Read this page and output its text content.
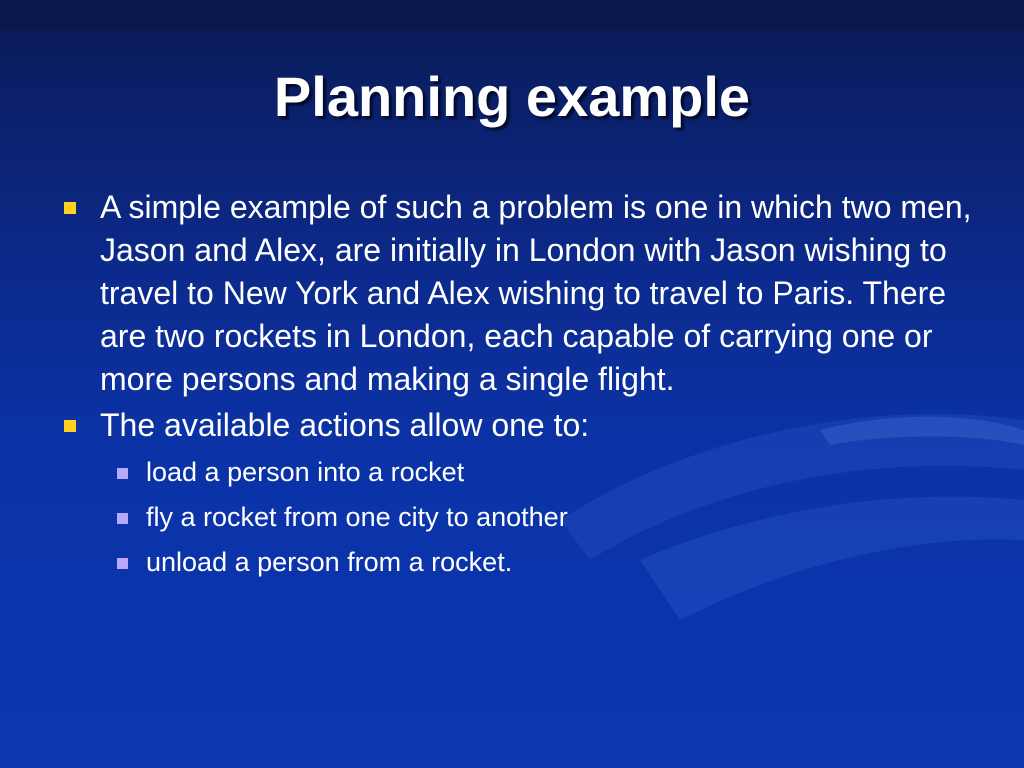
Planning example
A simple example of such a problem is one in which two men, Jason and Alex, are initially in London with Jason wishing to travel to New York and Alex wishing to travel to Paris. There are two rockets in London, each capable of carrying one or more persons and making a single flight.
The available actions allow one to:
load a person into a rocket
fly a rocket from one city to another
unload a person from a rocket.
